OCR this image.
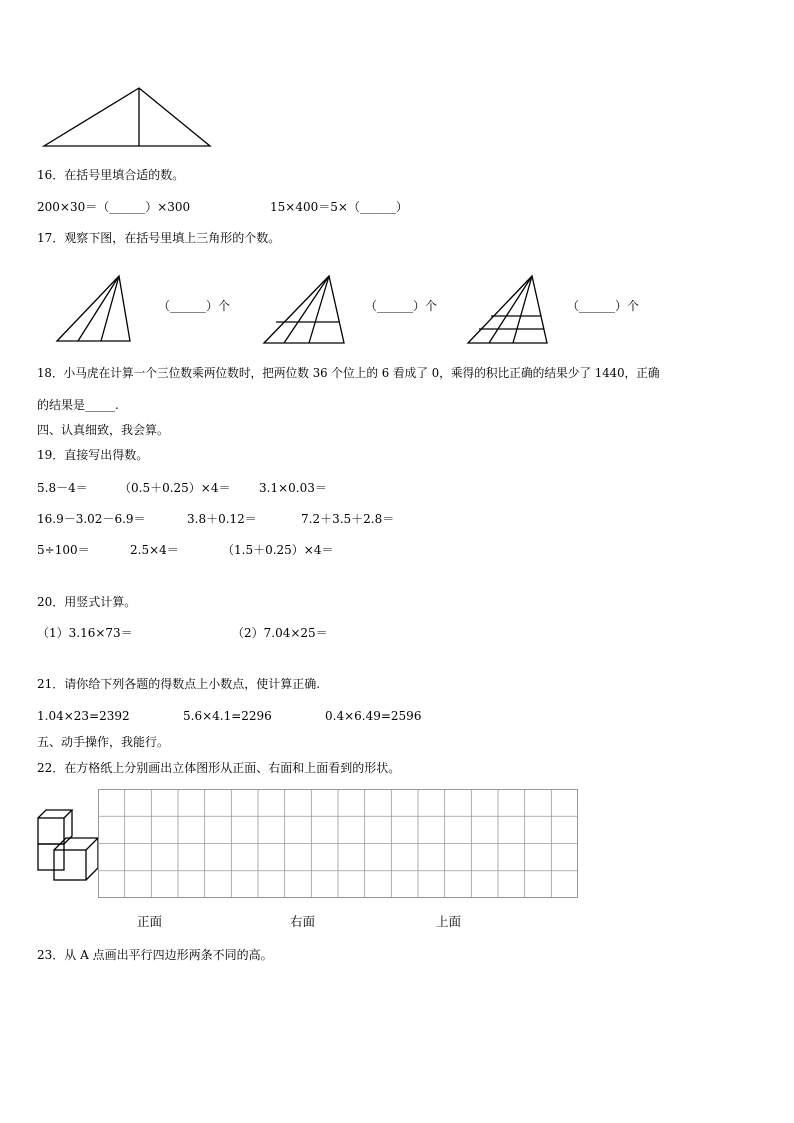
16．在括号里填合适的数。
200×30＝（______）×300	15×400＝5×（______）
17．观察下图，在括号里填上三角形的个数。
（______）个	（______）个	（______）个
18．小马虎在计算一个三位数乘两位数时，把两位数 36 个位上的 6 看成了 0，乘得的积比正确的结果少了 1440，正确
的结果是_____.
四、认真细致，我会算。
19．直接写出得数。
5.8－4＝	（0.5＋0.25）×4＝ 3.1×0.03＝
16.9－3.02－6.9＝	3.8＋0.12＝	7.2＋3.5＋2.8＝
5÷100＝	2.5×4＝	（1.5＋0.25）×4＝
20．用竖式计算。
（1）3.16×73＝	（2）7.04×25＝
21．请你给下列各题的得数点上小数点，使计算正确.
1.04×23=2392	5.6×4.1=2296	0.4×6.49=2596
五、动手操作，我能行。
22．在方格纸上分别画出立体图形从正面、右面和上面看到的形状。
正面	右面	上面
23．从 A 点画出平行四边形两条不同的高。
